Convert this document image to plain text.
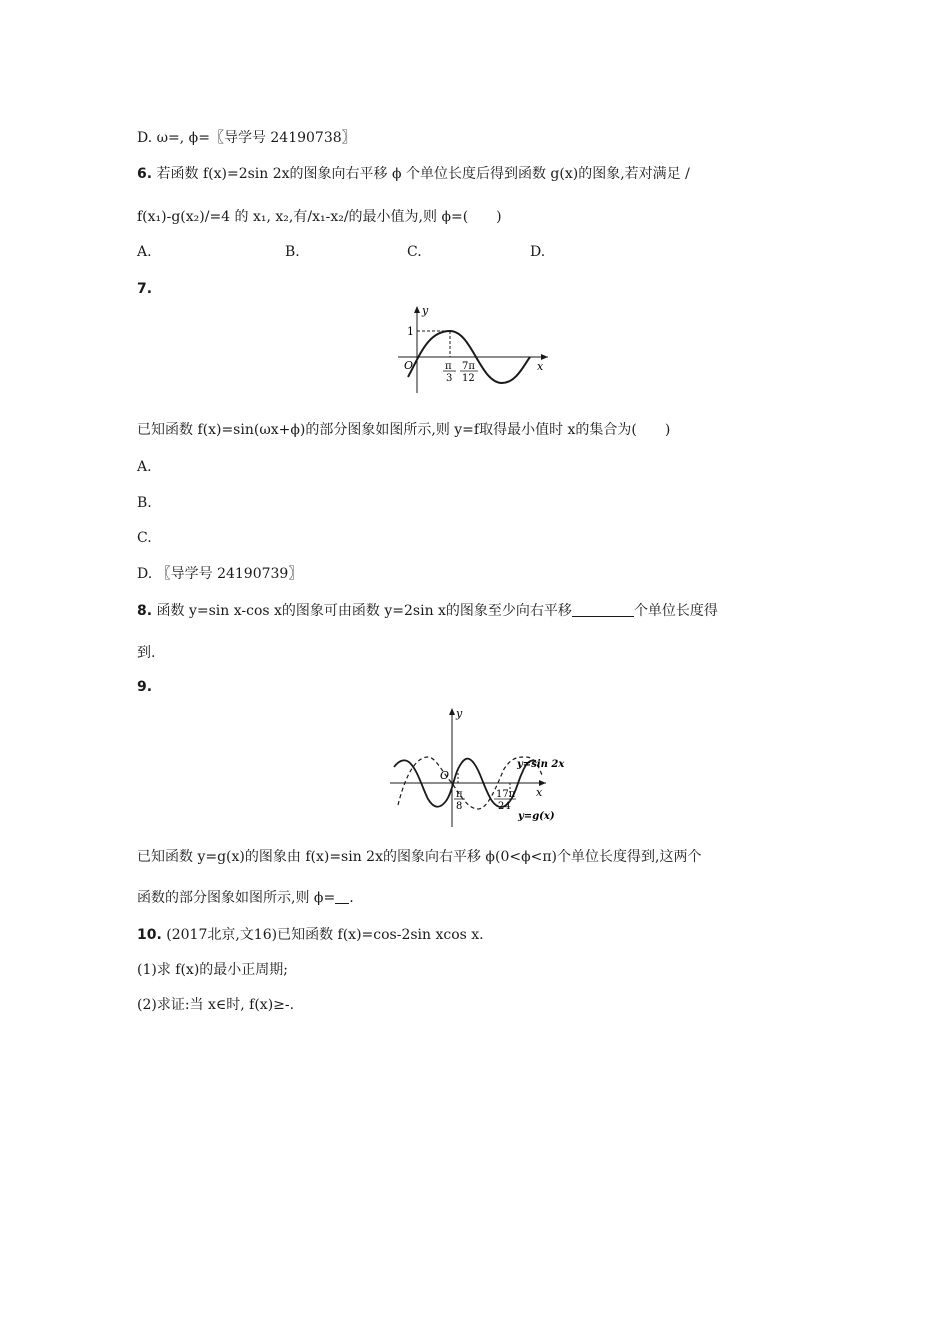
D. ω=, ϕ=〖导学号 24190738〗
6. 若函数 f(x)=2sin 2x的图象向右平移 ϕ 个单位长度后得到函数 g(x)的图象,若对满足 /
f(x₁)-g(x₂)/=4 的 x₁, x₂,有/x₁-x₂/的最小值为,则 ϕ=(　　)
A.	B.	C.	D.
7.
y
x
O
1
π
3
7π
12
已知函数 f(x)=sin(ωx+ϕ)的部分图象如图所示,则 y=f取得最小值时 x的集合为(　　)
A.
B.
C.
D. 〖导学号 24190739〗
8. 函数 y=sin x-cos x的图象可由函数 y=2sin x的图象至少向右平移	个单位长度得
到.
9.
y
x
O
π
8
17π
24
y=sin 2x
y=g(x)
已知函数 y=g(x)的图象由 f(x)=sin 2x的图象向右平移 ϕ(0<ϕ<π)个单位长度得到,这两个
函数的部分图象如图所示,则 ϕ= .
10. (2017北京,文16)已知函数 f(x)=cos-2sin xcos x.
(1)求 f(x)的最小正周期;
(2)求证:当 x∈时, f(x)≥-.
